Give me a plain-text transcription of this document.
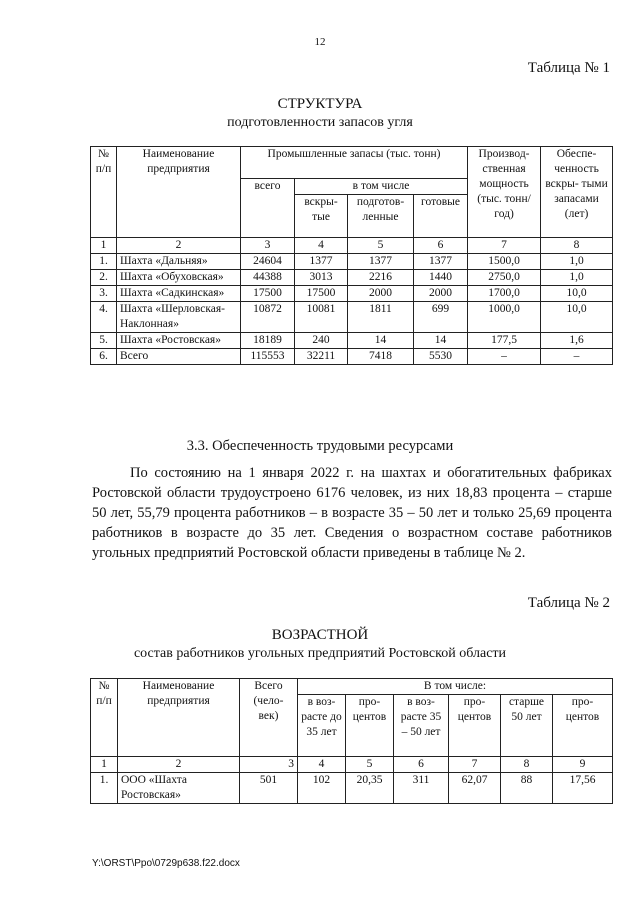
12
Таблица № 1
СТРУКТУРА
подготовленности запасов угля
№ п/п	Наименование предприятия	Промышленные запасы (тыс. тонн)				Производ- ственная мощность (тыс. тонн/год)	Обеспе- ченность вскры- тыми запасами (лет)
		всего	в том числе				
			вскры- тые	подготов- ленные	готовые		
1	2	3	4	5	6	7	8
1.	Шахта «Дальняя»	24604	1377	1377	1377	1500,0	1,0
2.	Шахта «Обуховская»	44388	3013	2216	1440	2750,0	1,0
3.	Шахта «Садкинская»	17500	17500	2000	2000	1700,0	10,0
4.	Шахта «Шерловская- Наклонная»	10872	10081	1811	699	1000,0	10,0
5.	Шахта «Ростовская»	18189	240	14	14	177,5	1,6
6.	Всего	115553	32211	7418	5530	–	–
3.3. Обеспеченность трудовыми ресурсами
По состоянию на 1 января 2022 г. на шахтах и обогатительных фабриках Ростовской области трудоустроено 6176 человек, из них 18,83 процента – старше 50 лет, 55,79 процента работников – в возрасте 35 – 50 лет и только 25,69 процента работников в возрасте до 35 лет. Сведения о возрастном составе работников угольных предприятий Ростовской области приведены в таблице № 2.
Таблица № 2
ВОЗРАСТНОЙ
состав работников угольных предприятий Ростовской области
№ п/п	Наименование предприятия	Всего (чело- век)	В том числе:					
			в воз- расте до 35 лет	про- центов	в воз- расте 35 – 50 лет	про- центов	старше 50 лет	про- центов
1	2	3	4	5	6	7	8	9
1.	ООО «Шахта Ростовская»	501	102	20,35	311	62,07	88	17,56
Y:\ORST\Ppo\0729p638.f22.docx
